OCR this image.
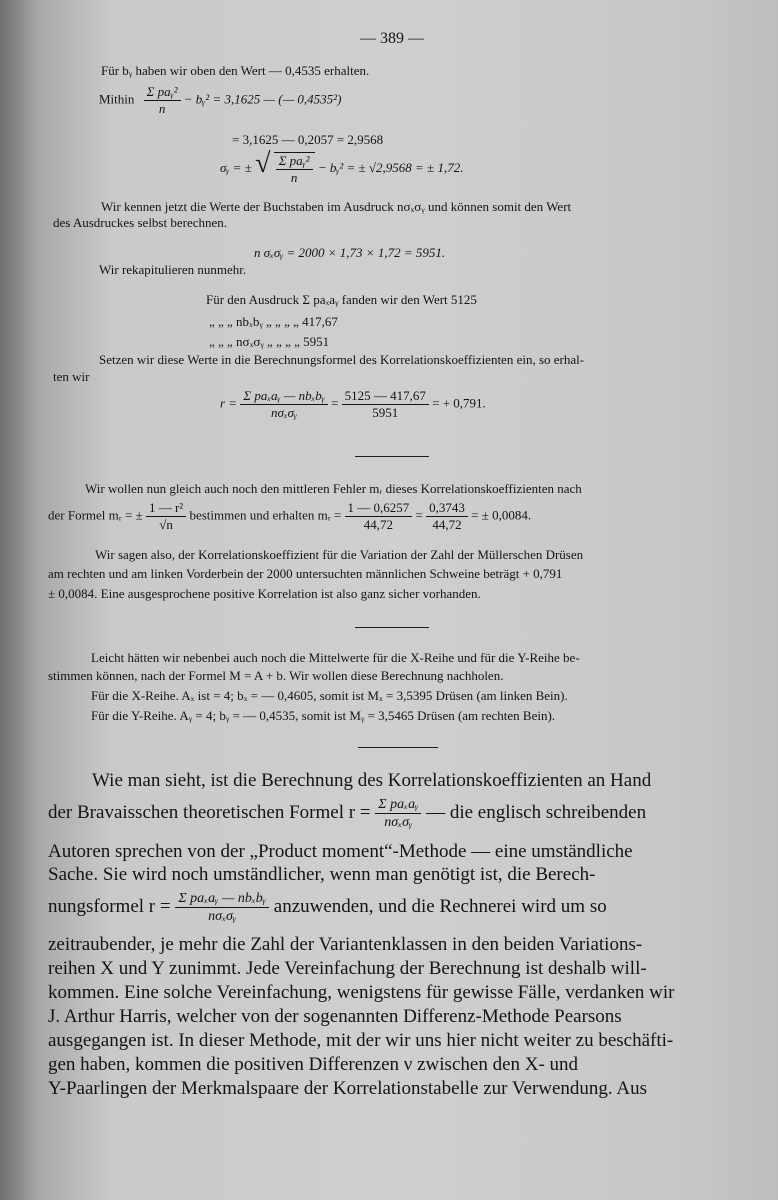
— 389 —
Für bᵧ haben wir oben den Wert — 0,4535 erhalten.
Mithin $\frac{\text{Σ paᵧ²}}{n}$ − bᵧ² = 3,1625 — (— 0,4535²)
= 3,1625 — 0,2057 = 2,9568
σᵧ = ± √ $\frac{\text{Σ paᵧ²}}{n}$ − bᵧ² = ± √2,9568 = ± 1,72.
Wir kennen jetzt die Werte der Buchstaben im Ausdruck nσₓσᵧ und können somit den Wert
des Ausdruckes selbst berechnen.
n σₓσᵧ = 2000 × 1,73 × 1,72 = 5951.
Wir rekapitulieren nunmehr.
Für den Ausdruck Σ paₓaᵧ fanden wir den Wert 5125
„ „ „ nbₓbᵧ „ „ „ „ 417,67
„ „ „ nσₓσᵧ „ „ „ „ 5951
Setzen wir diese Werte in die Berechnungsformel des Korrelationskoeffizienten ein, so erhal-
ten wir
$r = \frac{\text{Σ paₓaᵧ — nbₓbᵧ}}{\text{nσₓσᵧ}} = \frac{5125 — 417,67}{5951}$ = + 0,791.
Wir wollen nun gleich auch noch den mittleren Fehler mᵣ dieses Korrelationskoeffizienten nach
der Formel mᵣ = ± $\frac{\text{1 — r²}}{√n}$ bestimmen und erhalten mᵣ = $\frac{1 — 0,6257}{44,72} = \frac{0,3743}{44,72}$ = ± 0,0084.
Wir sagen also, der Korrelationskoeffizient für die Variation der Zahl der Müllerschen Drüsen
am rechten und am linken Vorderbein der 2000 untersuchten männlichen Schweine beträgt + 0,791
± 0,0084. Eine ausgesprochene positive Korrelation ist also ganz sicher vorhanden.
Leicht hätten wir nebenbei auch noch die Mittelwerte für die X-Reihe und für die Y-Reihe be-
stimmen können, nach der Formel M = A + b. Wir wollen diese Berechnung nachholen.
Für die X-Reihe. Aₓ ist = 4; bₓ = — 0,4605, somit ist Mₓ = 3,5395 Drüsen (am linken Bein).
Für die Y-Reihe. Aᵧ = 4; bᵧ = — 0,4535, somit ist Mᵧ = 3,5465 Drüsen (am rechten Bein).
Wie man sieht, ist die Berechnung des Korrelationskoeffizienten an Hand
der Bravaisschen theoretischen Formel $r = \frac{\text{Σ paₓaᵧ}}{\text{nσₓσᵧ}}$ — die englisch schreibenden
Autoren sprechen von der „Product moment“-Methode — eine umständliche
Sache. Sie wird noch umständlicher, wenn man genötigt ist, die Berech-
nungsformel $r = \frac{\text{Σ paₓaᵧ — nbₓbᵧ}}{\text{nσₓσᵧ}}$ anzuwenden, und die Rechnerei wird um so
zeitraubender, je mehr die Zahl der Variantenklassen in den beiden Variations-
reihen X und Y zunimmt. Jede Vereinfachung der Berechnung ist deshalb will-
kommen. Eine solche Vereinfachung, wenigstens für gewisse Fälle, verdanken wir
J. Arthur Harris, welcher von der sogenannten Differenz-Methode Pearsons
ausgegangen ist. In dieser Methode, mit der wir uns hier nicht weiter zu beschäfti-
gen haben, kommen die positiven Differenzen ν zwischen den X- und
Y-Paarlingen der Merkmalspaare der Korrelationstabelle zur Verwendung. Aus
